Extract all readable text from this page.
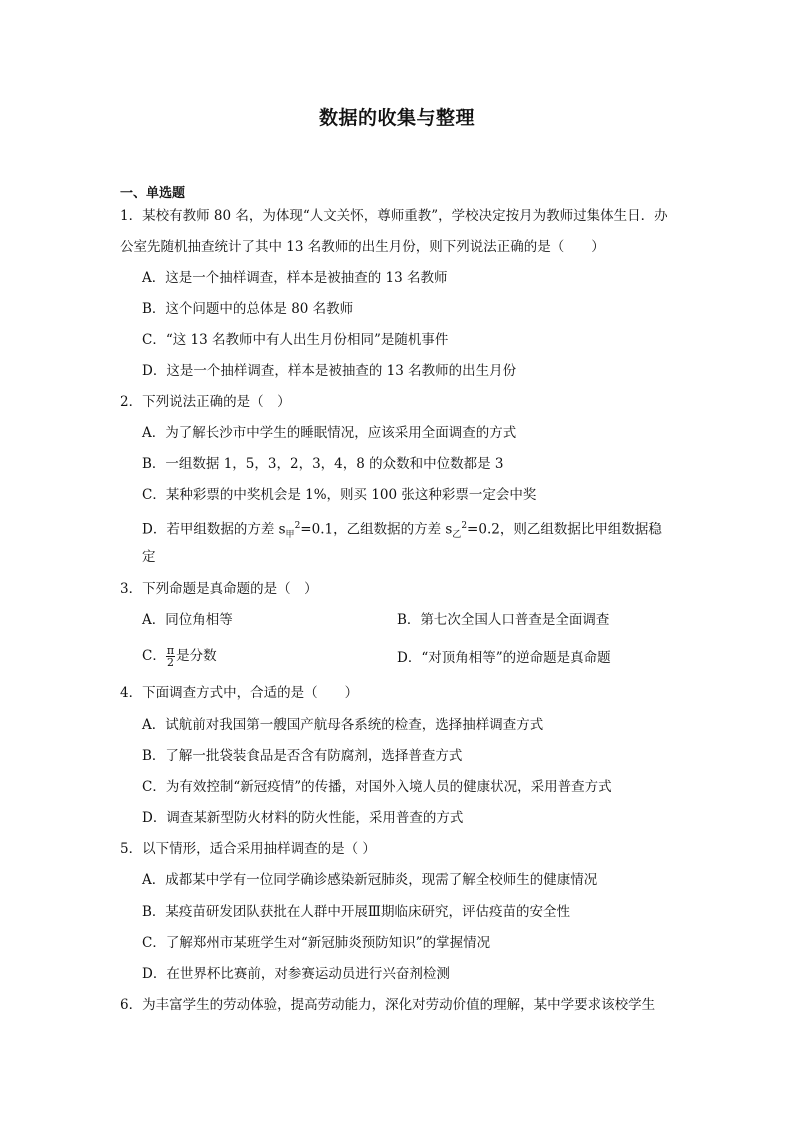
数据的收集与整理
一、单选题
1．某校有教师 80 名，为体现“人文关怀，尊师重教”，学校决定按月为教师过集体生日．办
公室先随机抽查统计了其中 13 名教师的出生月份，则下列说法正确的是（　　）
A．这是一个抽样调查，样本是被抽查的 13 名教师
B．这个问题中的总体是 80 名教师
C．“这 13 名教师中有人出生月份相同”是随机事件
D．这是一个抽样调查，样本是被抽查的 13 名教师的出生月份
2．下列说法正确的是（　）
A．为了解长沙市中学生的睡眠情况，应该采用全面调查的方式
B．一组数据 1，5，3，2，3，4，8 的众数和中位数都是 3
C．某种彩票的中奖机会是 1%，则买 100 张这种彩票一定会中奖
D．若甲组数据的方差 $s_甲^2=0.1$，乙组数据的方差 $s_乙^2=0.2$，则乙组数据比甲组数据稳
定
3．下列命题是真命题的是（　）
A．同位角相等	B．第七次全国人口普查是全面调查
C． $\frac{\pi}{2}$ 是分数	D．“对顶角相等”的逆命题是真命题
4．下面调查方式中，合适的是（　　）
A．试航前对我国第一艘国产航母各系统的检查，选择抽样调查方式
B．了解一批袋装食品是否含有防腐剂，选择普查方式
C．为有效控制“新冠疫情”的传播，对国外入境人员的健康状况，采用普查方式
D．调查某新型防火材料的防火性能，采用普查的方式
5．以下情形，适合采用抽样调查的是（ ）
A．成都某中学有一位同学确诊感染新冠肺炎，现需了解全校师生的健康情况
B．某疫苗研发团队获批在人群中开展Ⅲ期临床研究，评估疫苗的安全性
C．了解郑州市某班学生对“新冠肺炎预防知识”的掌握情况
D．在世界杯比赛前，对参赛运动员进行兴奋剂检测
6．为丰富学生的劳动体验，提高劳动能力，深化对劳动价值的理解，某中学要求该校学生
